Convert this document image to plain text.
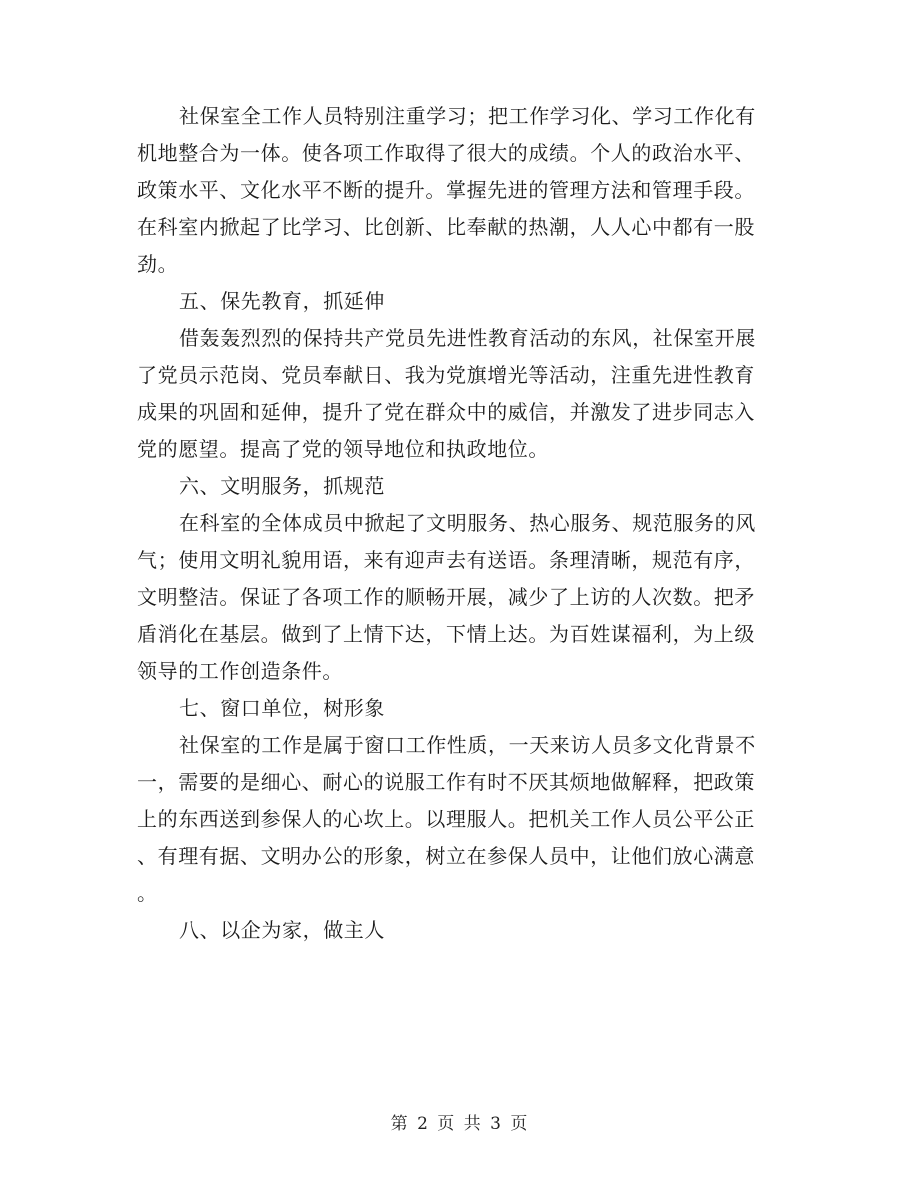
社保室全工作人员特别注重学习；把工作学习化、学习工作化有
机地整合为一体。使各项工作取得了很大的成绩。个人的政治水平、
政策水平、文化水平不断的提升。掌握先进的管理方法和管理手段。
在科室内掀起了比学习、比创新、比奉献的热潮，人人心中都有一股
劲。
五、保先教育，抓延伸
借轰轰烈烈的保持共产党员先进性教育活动的东风，社保室开展
了党员示范岗、党员奉献日、我为党旗增光等活动，注重先进性教育
成果的巩固和延伸，提升了党在群众中的威信，并激发了进步同志入
党的愿望。提高了党的领导地位和执政地位。
六、文明服务，抓规范
在科室的全体成员中掀起了文明服务、热心服务、规范服务的风
气；使用文明礼貌用语，来有迎声去有送语。条理清晰，规范有序，
文明整洁。保证了各项工作的顺畅开展，减少了上访的人次数。把矛
盾消化在基层。做到了上情下达，下情上达。为百姓谋福利，为上级
领导的工作创造条件。
七、窗口单位，树形象
社保室的工作是属于窗口工作性质，一天来访人员多文化背景不
一，需要的是细心、耐心的说服工作有时不厌其烦地做解释，把政策
上的东西送到参保人的心坎上。以理服人。把机关工作人员公平公正
、有理有据、文明办公的形象，树立在参保人员中，让他们放心满意
。
八、以企为家，做主人
第 2 页 共 3 页
